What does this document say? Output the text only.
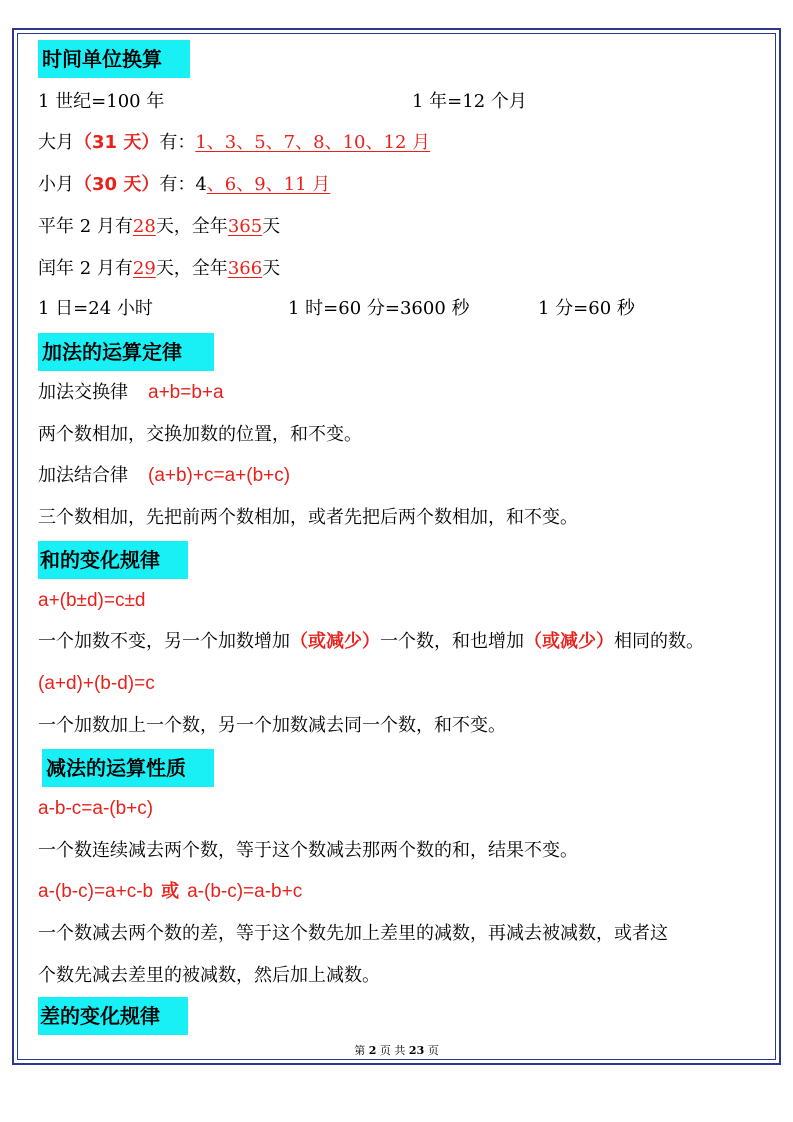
时间单位换算
1 世纪=100 年	1 年=12 个月
大月（31 天）有：1、3、5、7、8、10、12 月
小月（30 天）有：4、6、9、11 月
平年 2 月有28天，全年365天
闰年 2 月有29天，全年366天
1 日=24 小时	1 时=60 分=3600 秒	1 分=60 秒
加法的运算定律
加法交换律 a+b=b+a
两个数相加，交换加数的位置，和不变。
加法结合律 (a+b)+c=a+(b+c)
三个数相加，先把前两个数相加，或者先把后两个数相加，和不变。
和的变化规律
a+(b±d)=c±d
一个加数不变，另一个加数增加（或减少）一个数，和也增加（或减少）相同的数。
(a+d)+(b-d)=c
一个加数加上一个数，另一个加数减去同一个数，和不变。
减法的运算性质
a-b-c=a-(b+c)
一个数连续减去两个数，等于这个数减去那两个数的和，结果不变。
a-(b-c)=a+c-b 或 a-(b-c)=a-b+c
一个数减去两个数的差，等于这个数先加上差里的减数，再减去被减数，或者这
个数先减去差里的被减数，然后加上减数。
差的变化规律
第 2 页 共 23 页
